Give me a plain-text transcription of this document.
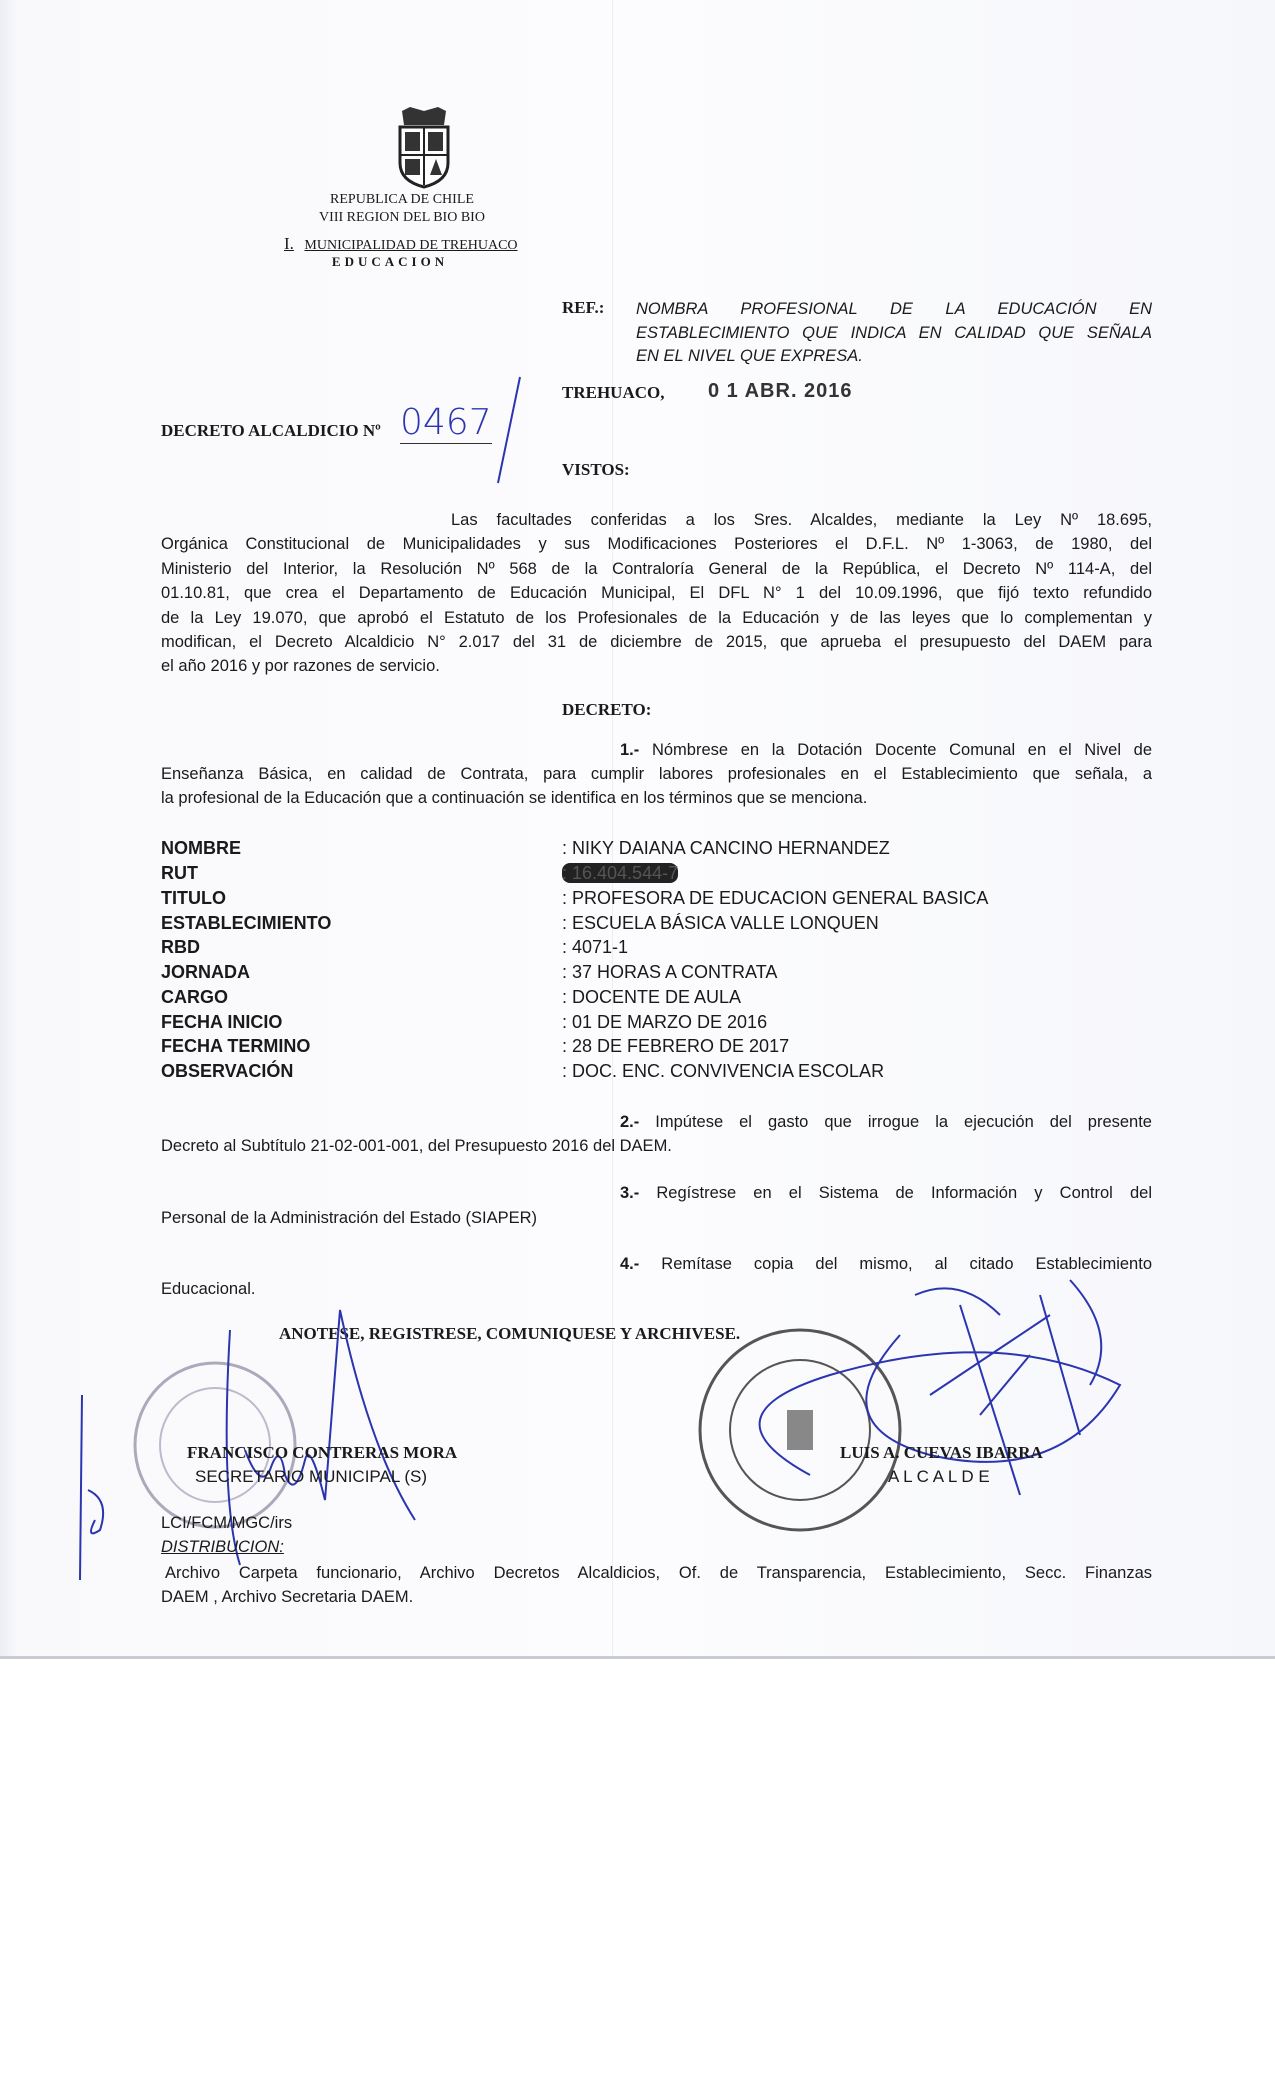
REPUBLICA DE CHILE
VIII REGION DEL BIO BIO
I. MUNICIPALIDAD DE TREHUACO
EDUCACION
REF.: NOMBRA PROFESIONAL DE LA EDUCACIÓN EN
ESTABLECIMIENTO QUE INDICA EN CALIDAD QUE SEÑALA
EN EL NIVEL QUE EXPRESA.
TREHUACO, 0 1 ABR. 2016
DECRETO ALCALDICIO Nº 0467
VISTOS:
Las facultades conferidas a los Sres. Alcaldes, mediante la Ley Nº 18.695,
Orgánica Constitucional de Municipalidades y sus Modificaciones Posteriores el D.F.L. Nº 1-3063, de 1980, del
Ministerio del Interior, la Resolución Nº 568 de la Contraloría General de la República, el Decreto Nº 114-A, del
01.10.81, que crea el Departamento de Educación Municipal, El DFL N° 1 del 10.09.1996, que fijó texto refundido
de la Ley 19.070, que aprobó el Estatuto de los Profesionales de la Educación y de las leyes que lo complementan y
modifican, el Decreto Alcaldicio N° 2.017 del 31 de diciembre de 2015, que aprueba el presupuesto del DAEM para
el año 2016 y por razones de servicio.
DECRETO:
1.- Nómbrese en la Dotación Docente Comunal en el Nivel de
Enseñanza Básica, en calidad de Contrata, para cumplir labores profesionales en el Establecimiento que señala, a
la profesional de la Educación que a continuación se identifica en los términos que se menciona.
NOMBRE	: NIKY DAIANA CANCINO HERNANDEZ
RUT	: 16.404.544-7
TITULO	: PROFESORA DE EDUCACION GENERAL BASICA
ESTABLECIMIENTO	: ESCUELA BÁSICA VALLE LONQUEN
RBD	: 4071-1
JORNADA	: 37 HORAS A CONTRATA
CARGO	: DOCENTE DE AULA
FECHA INICIO	: 01 DE MARZO DE 2016
FECHA TERMINO	: 28 DE FEBRERO DE 2017
OBSERVACIÓN	: DOC. ENC. CONVIVENCIA ESCOLAR
2.- Impútese el gasto que irrogue la ejecución del presente
Decreto al Subtítulo 21-02-001-001, del Presupuesto 2016 del DAEM.
3.- Regístrese en el Sistema de Información y Control del
Personal de la Administración del Estado (SIAPER)
4.- Remítase copia del mismo, al citado Establecimiento
Educacional.
ANOTESE, REGISTRESE, COMUNIQUESE Y ARCHIVESE.
FRANCISCO CONTRERAS MORA
SECRETARIO MUNICIPAL (S)
LUIS A. CUEVAS IBARRA
A L C A L D E
LCI/FCM/MGC/irs
DISTRIBUCION:
Archivo Carpeta funcionario, Archivo Decretos Alcaldicios, Of. de Transparencia, Establecimiento, Secc. Finanzas
DAEM , Archivo Secretaria DAEM.
